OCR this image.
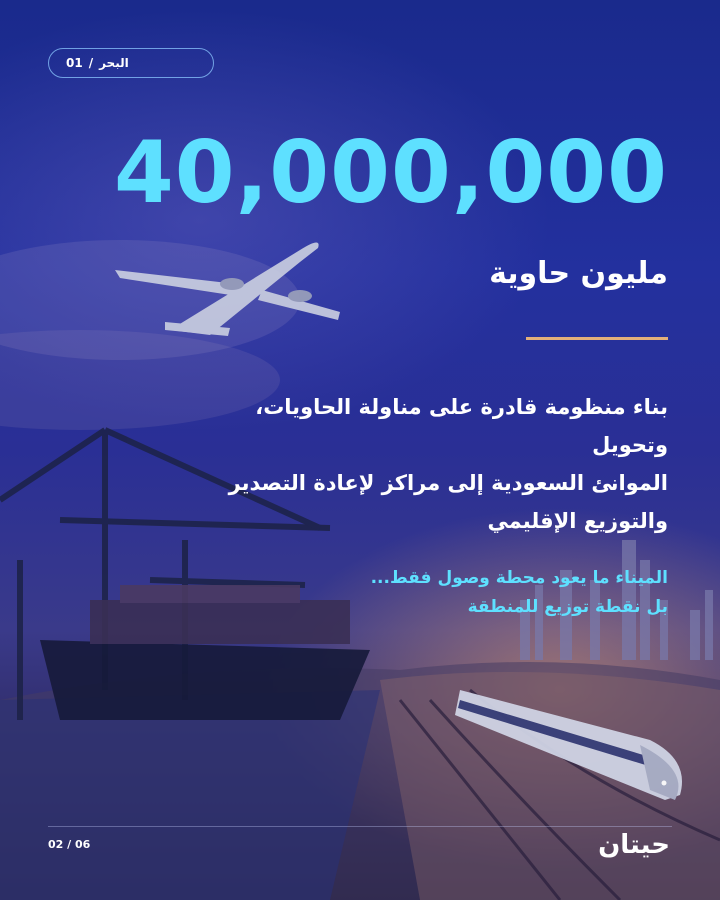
البحر
/
01
40,000,000
مليون حاوية
بناء منظومة قادرة على مناولة الحاويات، وتحويل
الموانئ السعودية إلى مراكز لإعادة التصدير
والتوزيع الإقليمي
الميناء ما يعود محطة وصول فقط...
بل نقطة توزيع للمنطقة
02 / 06	حيتان
